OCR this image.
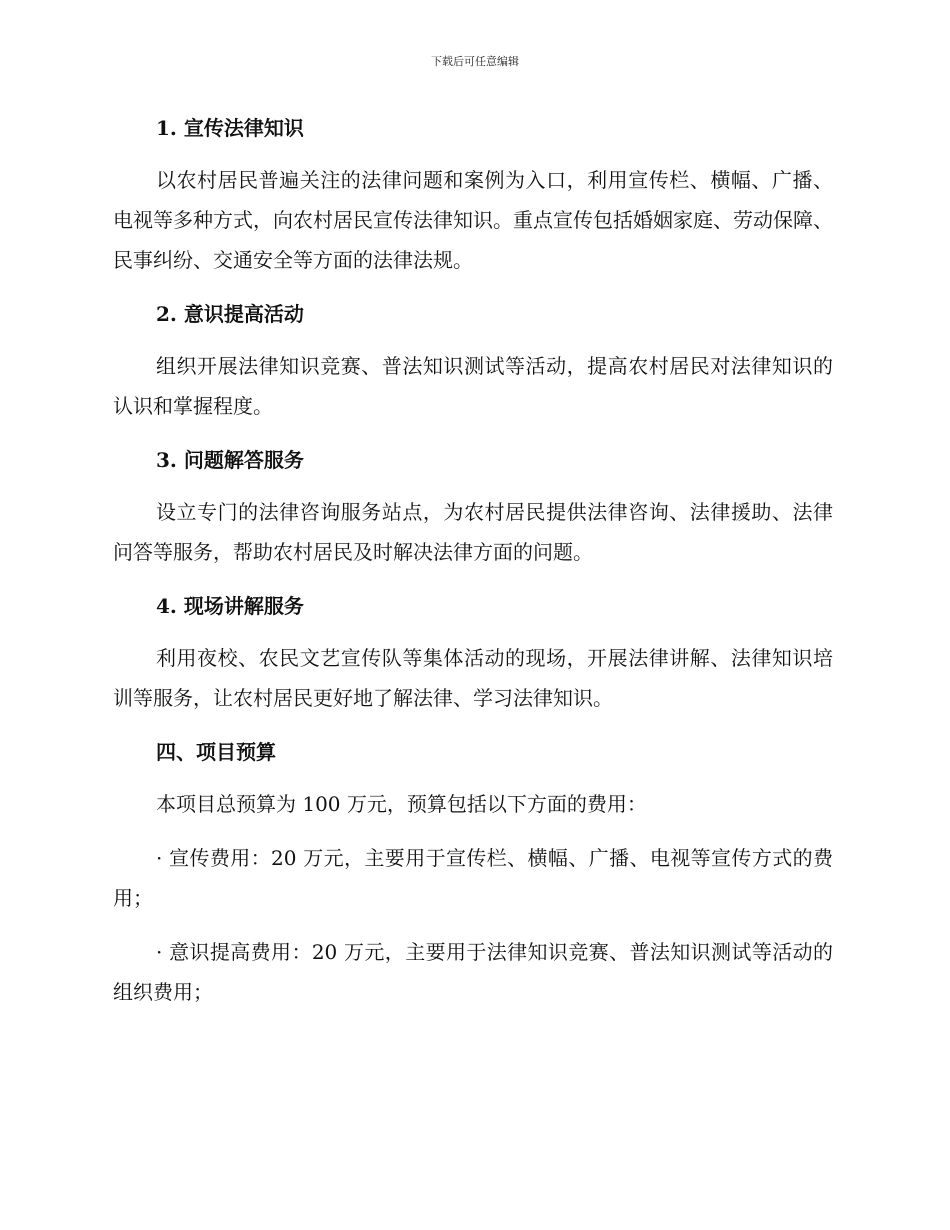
下载后可任意编辑
1. 宣传法律知识

以农村居民普遍关注的法律问题和案例为入口，利用宣传栏、横幅、广播、电视等多种方式，向农村居民宣传法律知识。重点宣传包括婚姻家庭、劳动保障、民事纠纷、交通安全等方面的法律法规。

2. 意识提高活动

组织开展法律知识竞赛、普法知识测试等活动，提高农村居民对法律知识的认识和掌握程度。

3. 问题解答服务

设立专门的法律咨询服务站点，为农村居民提供法律咨询、法律援助、法律问答等服务，帮助农村居民及时解决法律方面的问题。

4. 现场讲解服务

利用夜校、农民文艺宣传队等集体活动的现场，开展法律讲解、法律知识培训等服务，让农村居民更好地了解法律、学习法律知识。

四、项目预算

本项目总预算为 100 万元，预算包括以下方面的费用：

· 宣传费用：20 万元，主要用于宣传栏、横幅、广播、电视等宣传方式的费用；

· 意识提高费用：20 万元，主要用于法律知识竞赛、普法知识测试等活动的组织费用；
